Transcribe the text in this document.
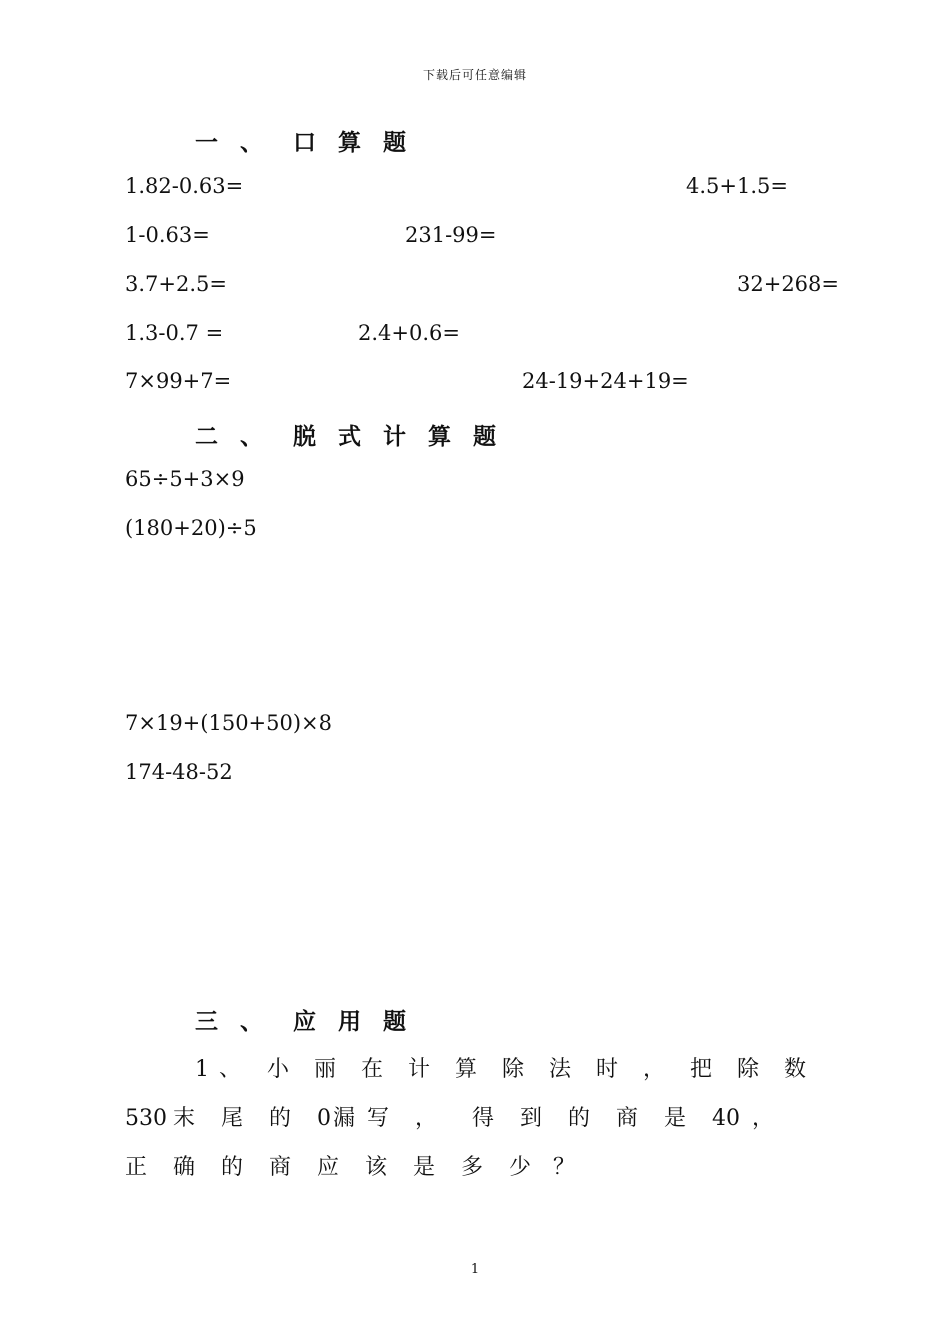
下载后可任意编辑
一 、 口 算 题
1.82-0.63=	4.5+1.5=
1-0.63=	231-99=
3.7+2.5=	32+268=
1.3-0.7 =	2.4+0.6=
7×99+7=	24-19+24+19=
二 、 脱 式 计 算 题
65÷5+3×9
(180+20)÷5
7×19+(150+50)×8
174-48-52
三 、 应 用 题
1 、 小 丽 在 计 算 除 法 时 ， 把 除 数
530 末 尾 的 0漏 写 ， 得 到 的 商 是 40 ，
正 确 的 商 应 该 是 多 少 ？
1
